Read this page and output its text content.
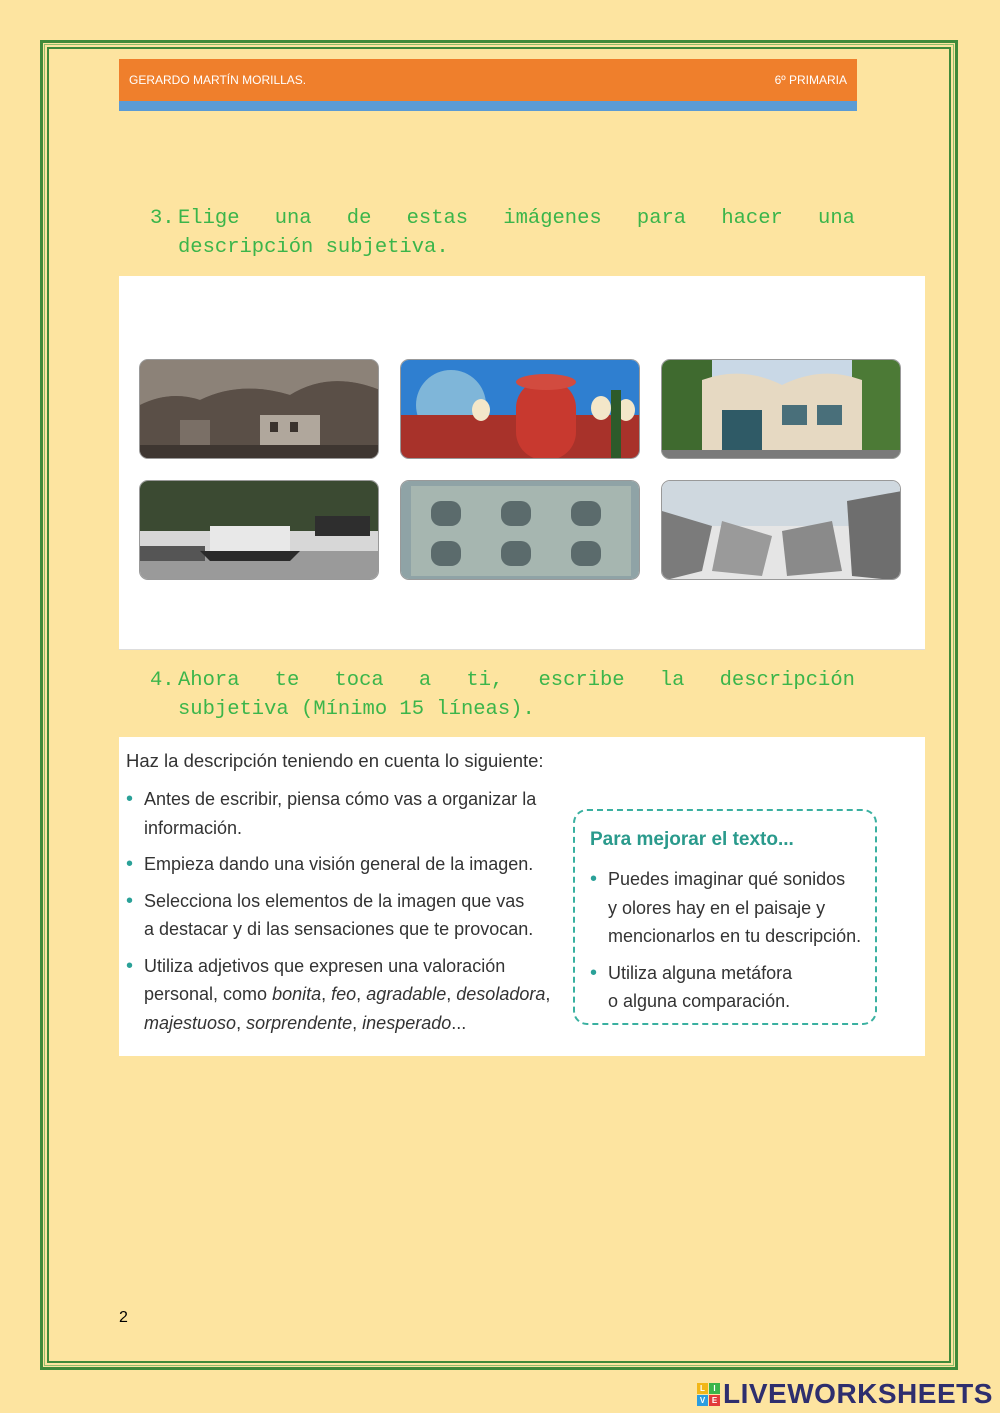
GERARDO MARTÍN MORILLAS.	6º PRIMARIA
3. Elige una de estas imágenes para hacer una
descripción subjetiva.
4. Ahora te toca a ti, escribe la descripción
subjetiva (Mínimo 15 líneas).
Haz la descripción teniendo en cuenta lo siguiente:
• Antes de escribir, piensa cómo vas a organizar la
información.
• Empieza dando una visión general de la imagen.
• Selecciona los elementos de la imagen que vas
a destacar y di las sensaciones que te provocan.
• Utiliza adjetivos que expresen una valoración
personal, como bonita, feo, agradable, desoladora,
majestuoso, sorprendente, inesperado...
Para mejorar el texto...
• Puedes imaginar qué sonidos
y olores hay en el paisaje y
mencionarlos en tu descripción.
• Utiliza alguna metáfora
o alguna comparación.
2
L	I
V E LIVEWORKSHEETS
